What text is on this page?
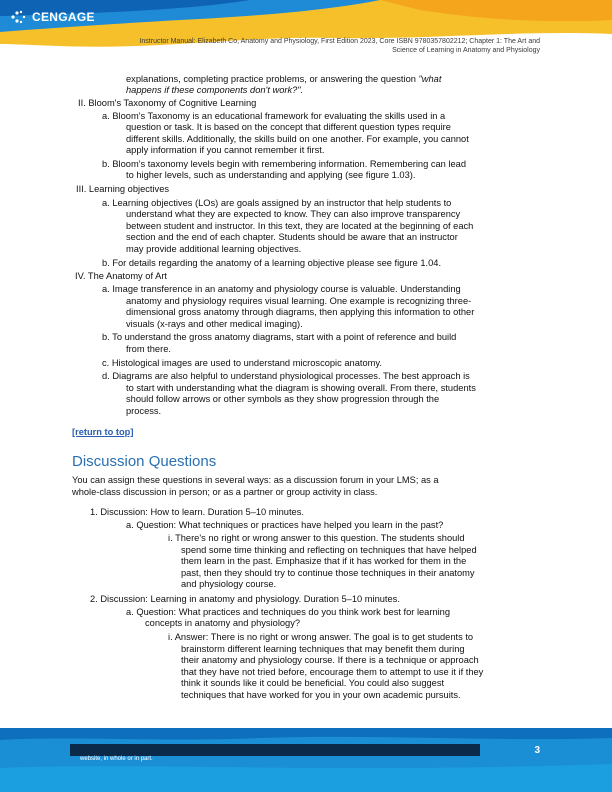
CENGAGE
Instructor Manual: Elizabeth Co, Anatomy and Physiology, First Edition 2023, Core ISBN 9780357802212; Chapter 1: The Art and
Science of Learning in Anatomy and Physiology
explanations, completing practice problems, or answering the question "what
happens if these components don't work?".
II. Bloom's Taxonomy of Cognitive Learning
a. Bloom's Taxonomy is an educational framework for evaluating the skills used in a
question or task. It is based on the concept that different question types require
different skills. Additionally, the skills build on one another. For example, you cannot
apply information if you cannot remember it first.
b. Bloom's taxonomy levels begin with remembering information. Remembering can lead
to higher levels, such as understanding and applying (see figure 1.03).
III. Learning objectives
a. Learning objectives (LOs) are goals assigned by an instructor that help students to
understand what they are expected to know. They can also improve transparency
between student and instructor. In this text, they are located at the beginning of each
section and the end of each chapter. Students should be aware that an instructor
may provide additional learning objectives.
b. For details regarding the anatomy of a learning objective please see figure 1.04.
IV. The Anatomy of Art
a. Image transference in an anatomy and physiology course is valuable. Understanding
anatomy and physiology requires visual learning. One example is recognizing three-
dimensional gross anatomy through diagrams, then applying this information to other
visuals (x-rays and other medical imaging).
b. To understand the gross anatomy diagrams, start with a point of reference and build
from there.
c. Histological images are used to understand microscopic anatomy.
d. Diagrams are also helpful to understand physiological processes. The best approach is
to start with understanding what the diagram is showing overall. From there, students
should follow arrows or other symbols as they show progression through the
process.
[return to top]
Discussion Questions
You can assign these questions in several ways: as a discussion forum in your LMS; as a
whole-class discussion in person; or as a partner or group activity in class.
1. Discussion: How to learn. Duration 5–10 minutes.
a. Question: What techniques or practices have helped you learn in the past?
i. There's no right or wrong answer to this question. The students should
spend some time thinking and reflecting on techniques that have helped
them learn in the past. Emphasize that if it has worked for them in the
past, then they should try to continue those techniques in their anatomy
and physiology course.
2. Discussion: Learning in anatomy and physiology. Duration 5–10 minutes.
a. Question: What practices and techniques do you think work best for learning
concepts in anatomy and physiology?
i. Answer: There is no right or wrong answer. The goal is to get students to
brainstorm different learning techniques that may benefit them during
their anatomy and physiology course. If there is a technique or approach
that they have not tried before, encourage them to attempt to use it if they
think it sounds like it could be beneficial. You could also suggest
techniques that have worked for you in your own academic pursuits.
3
website, in whole or in part.
